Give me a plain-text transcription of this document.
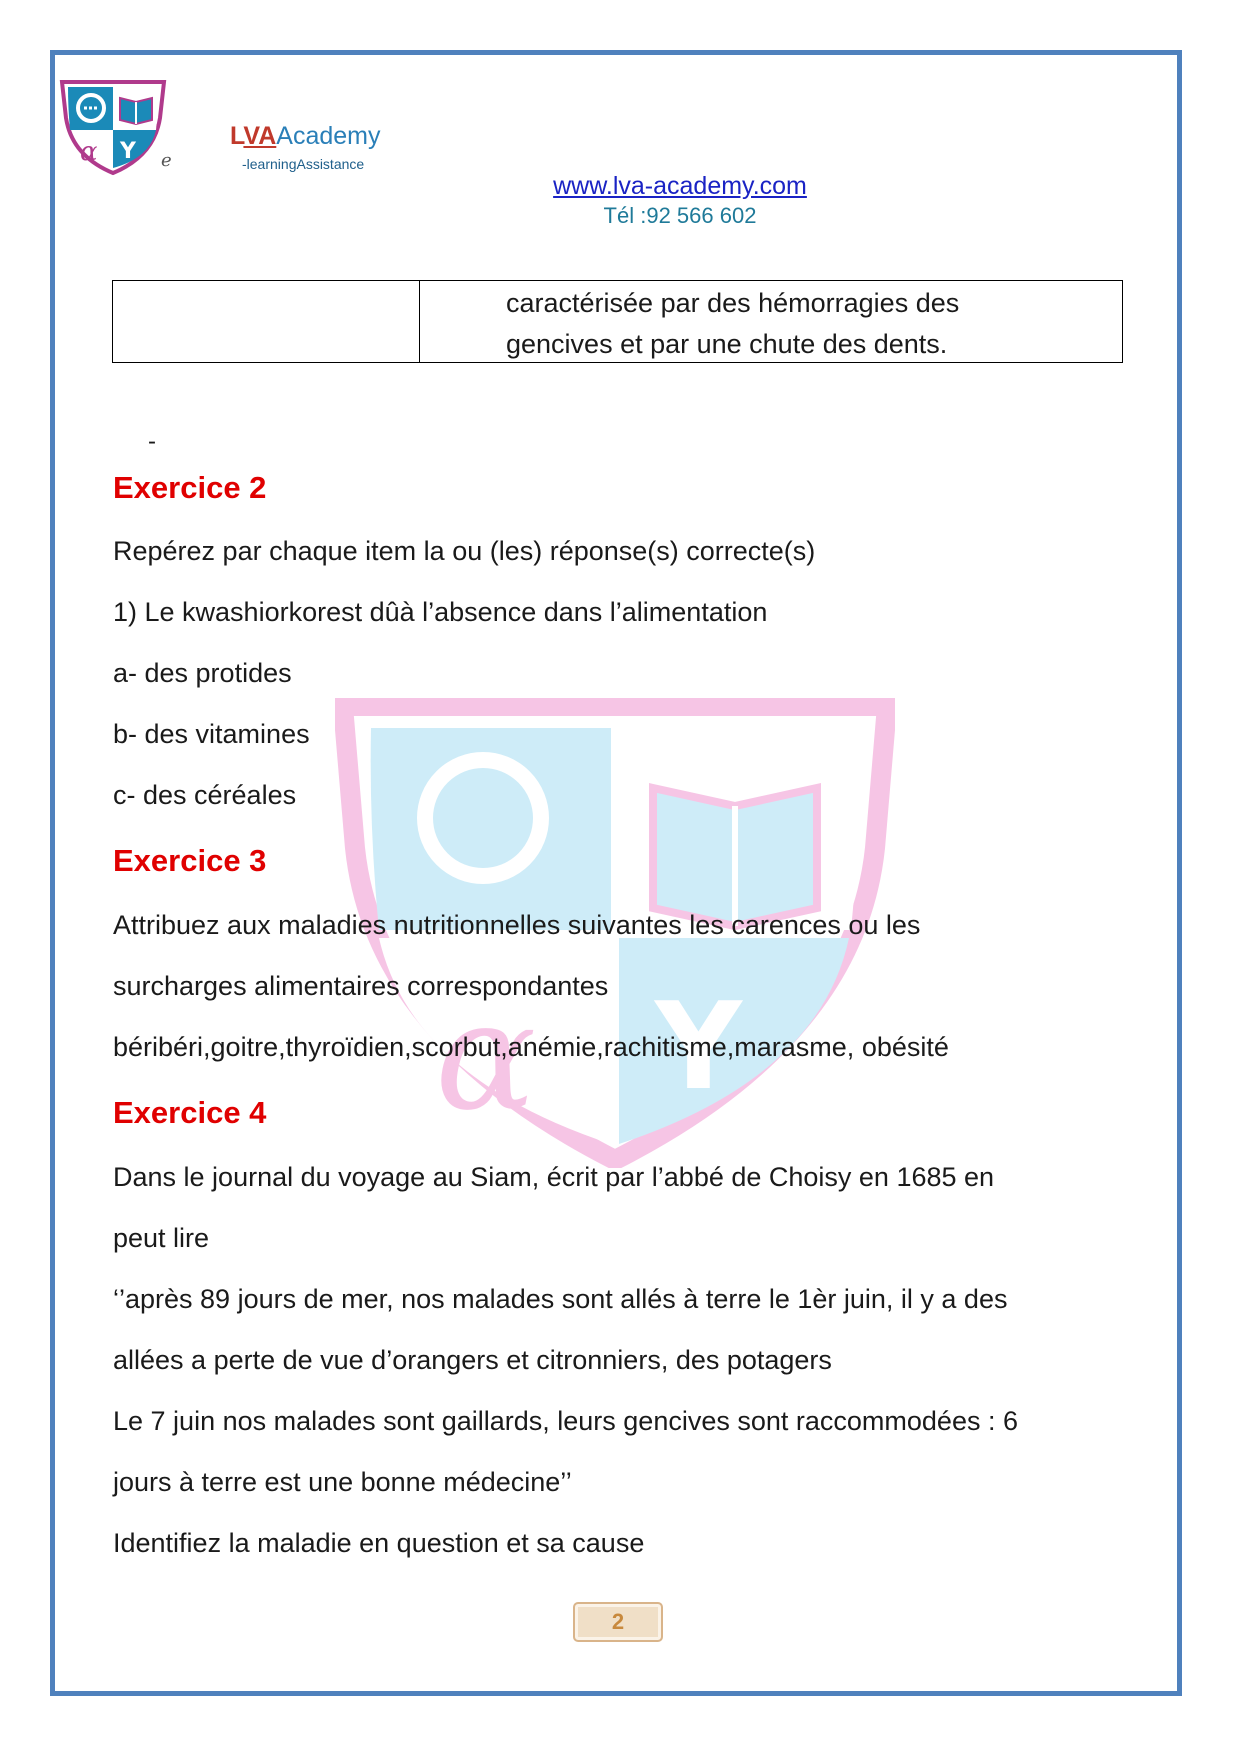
α Y e
LVAAcademy
-learningAssistance
www.lva-academy.com
Tél :92 566 602
α Y
caractérisée par des hémorragies des
gencives et par une chute des dents.
-
Exercice 2
Repérez par chaque item la ou (les) réponse(s) correcte(s)
1) Le kwashiorkorest dûà l’absence dans l’alimentation
a- des protides
b- des vitamines
c- des céréales
Exercice 3
Attribuez aux maladies nutritionnelles suivantes les carences ou les
surcharges alimentaires correspondantes
béribéri,goitre,thyroïdien,scorbut,anémie,rachitisme,marasme, obésité
Exercice 4
Dans le journal du voyage au Siam, écrit par l’abbé de Choisy en 1685 en
peut lire
‘’après 89 jours de mer, nos malades sont allés à terre le 1èr juin, il y a des
allées a perte de vue d’orangers et citronniers, des potagers
Le 7 juin nos malades sont gaillards, leurs gencives sont raccommodées : 6
jours à terre est une bonne médecine’’
Identifiez la maladie en question et sa cause
2
